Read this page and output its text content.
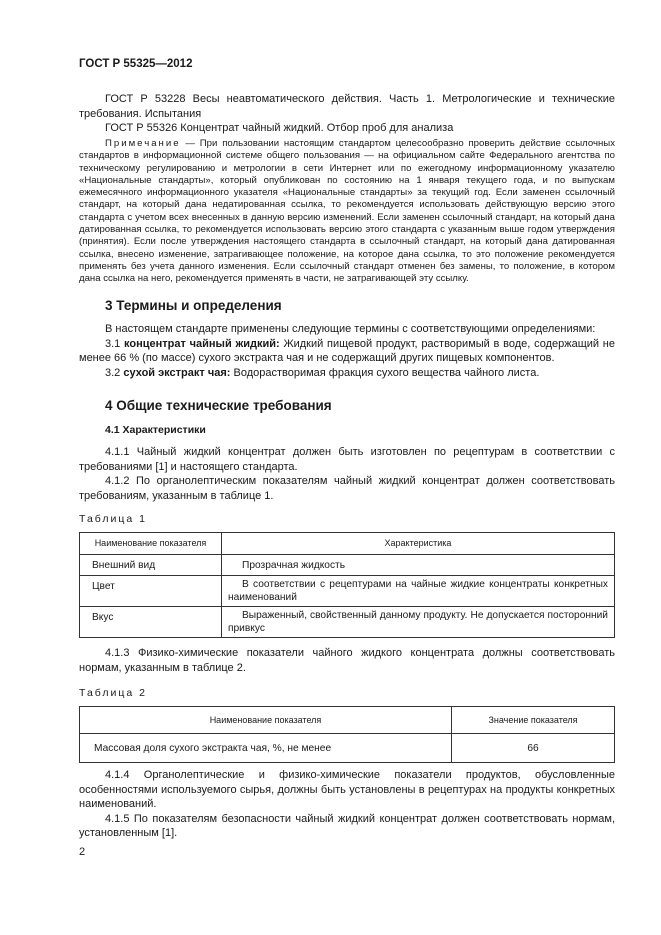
ГОСТ Р 55325—2012

ГОСТ Р 53228 Весы неавтоматического действия. Часть 1. Метрологические и технические требования. Испытания

ГОСТ Р 55326 Концентрат чайный жидкий. Отбор проб для анализа

Примечание — При пользовании настоящим стандартом целесообразно проверить действие ссылочных стандартов в информационной системе общего пользования — на официальном сайте Федерального агентства по техническому регулированию и метрологии в сети Интернет или по ежегодному информационному указателю «Национальные стандарты», который опубликован по состоянию на 1 января текущего года, и по выпускам ежемесячного информационного указателя «Национальные стандарты» за текущий год. Если заменен ссылочный стандарт, на который дана недатированная ссылка, то рекомендуется использовать действующую версию этого стандарта с учетом всех внесенных в данную версию изменений. Если заменен ссылочный стандарт, на который дана датированная ссылка, то рекомендуется использовать версию этого стандарта с указанным выше годом утверждения (принятия). Если после утверждения настоящего стандарта в ссылочный стандарт, на который дана датированная ссылка, внесено изменение, затрагивающее положение, на которое дана ссылка, то это положение рекомендуется применять без учета данного изменения. Если ссылочный стандарт отменен без замены, то положение, в котором дана ссылка на него, рекомендуется применять в части, не затрагивающей эту ссылку.

3 Термины и определения

В настоящем стандарте применены следующие термины с соответствующими определениями:

3.1 концентрат чайный жидкий: Жидкий пищевой продукт, растворимый в воде, содержащий не менее 66 % (по массе) сухого экстракта чая и не содержащий других пищевых компонентов.

3.2 сухой экстракт чая: Водорастворимая фракция сухого вещества чайного листа.

4 Общие технические требования
4.1 Характеристики

4.1.1 Чайный жидкий концентрат должен быть изготовлен по рецептурам в соответствии с требованиями [1] и настоящего стандарта.

4.1.2 По органолептическим показателям чайный жидкий концентрат должен соответствовать требованиям, указанным в таблице 1.

Таблица 1

Наименование показателя	Характеристика
Внешний вид	Прозрачная жидкость
Цвет	В соответствии с рецептурами на чайные жидкие концентраты конкретных наименований
Вкус	Выраженный, свойственный данному продукту. Не допускается посторонний привкус

4.1.3 Физико-химические показатели чайного жидкого концентрата должны соответствовать нормам, указанным в таблице 2.

Таблица 2

Наименование показателя	Значение показателя
Массовая доля сухого экстракта чая, %, не менее	66

4.1.4 Органолептические и физико-химические показатели продуктов, обусловленные особенностями используемого сырья, должны быть установлены в рецептурах на продукты конкретных наименований.

4.1.5 По показателям безопасности чайный жидкий концентрат должен соответствовать нормам, установленным [1].

2
